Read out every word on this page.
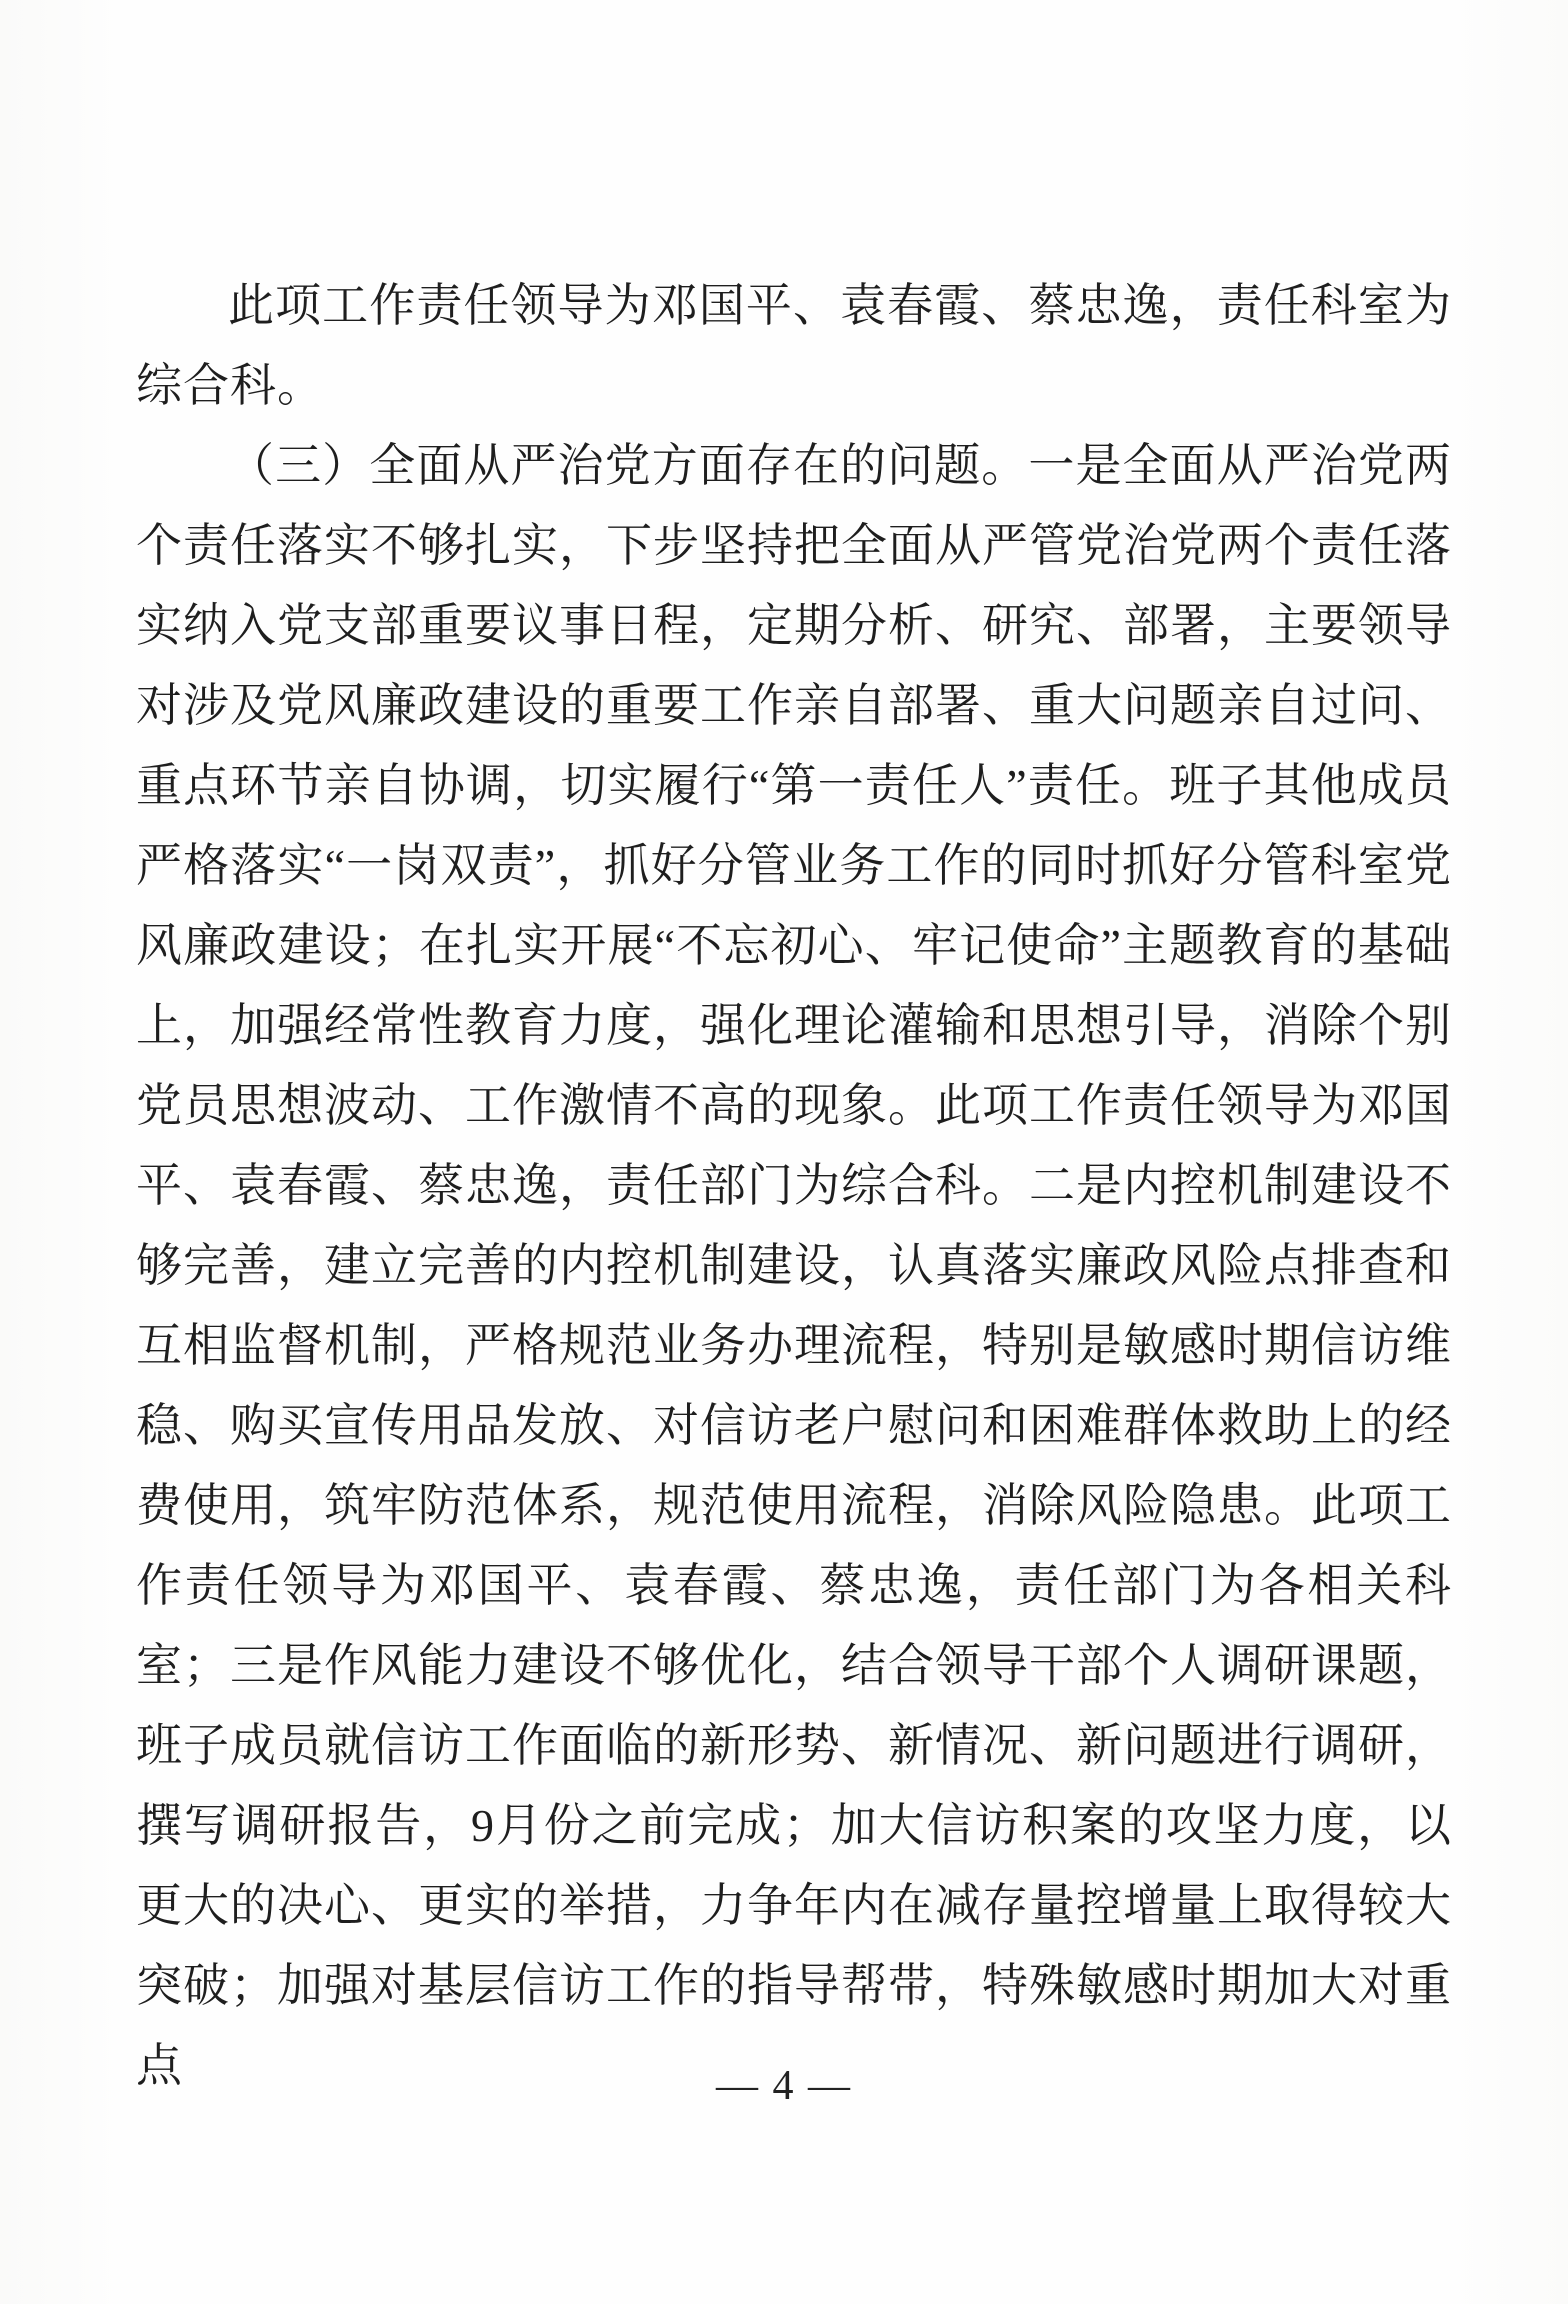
此项工作责任领导为邓国平、袁春霞、蔡忠逸，责任科室为综合科。

（三）全面从严治党方面存在的问题。一是全面从严治党两个责任落实不够扎实，下步坚持把全面从严管党治党两个责任落实纳入党支部重要议事日程，定期分析、研究、部署，主要领导对涉及党风廉政建设的重要工作亲自部署、重大问题亲自过问、重点环节亲自协调，切实履行“第一责任人”责任。班子其他成员严格落实“一岗双责”，抓好分管业务工作的同时抓好分管科室党风廉政建设；在扎实开展“不忘初心、牢记使命”主题教育的基础上，加强经常性教育力度，强化理论灌输和思想引导，消除个别党员思想波动、工作激情不高的现象。此项工作责任领导为邓国平、袁春霞、蔡忠逸，责任部门为综合科。二是内控机制建设不够完善，建立完善的内控机制建设，认真落实廉政风险点排查和互相监督机制，严格规范业务办理流程，特别是敏感时期信访维稳、购买宣传用品发放、对信访老户慰问和困难群体救助上的经费使用，筑牢防范体系，规范使用流程，消除风险隐患。此项工作责任领导为邓国平、袁春霞、蔡忠逸，责任部门为各相关科室；三是作风能力建设不够优化，结合领导干部个人调研课题，班子成员就信访工作面临的新形势、新情况、新问题进行调研，撰写调研报告，9月份之前完成；加大信访积案的攻坚力度，以更大的决心、更实的举措，力争年内在减存量控增量上取得较大突破；加强对基层信访工作的指导帮带，特殊敏感时期加大对重点	— 4 —
